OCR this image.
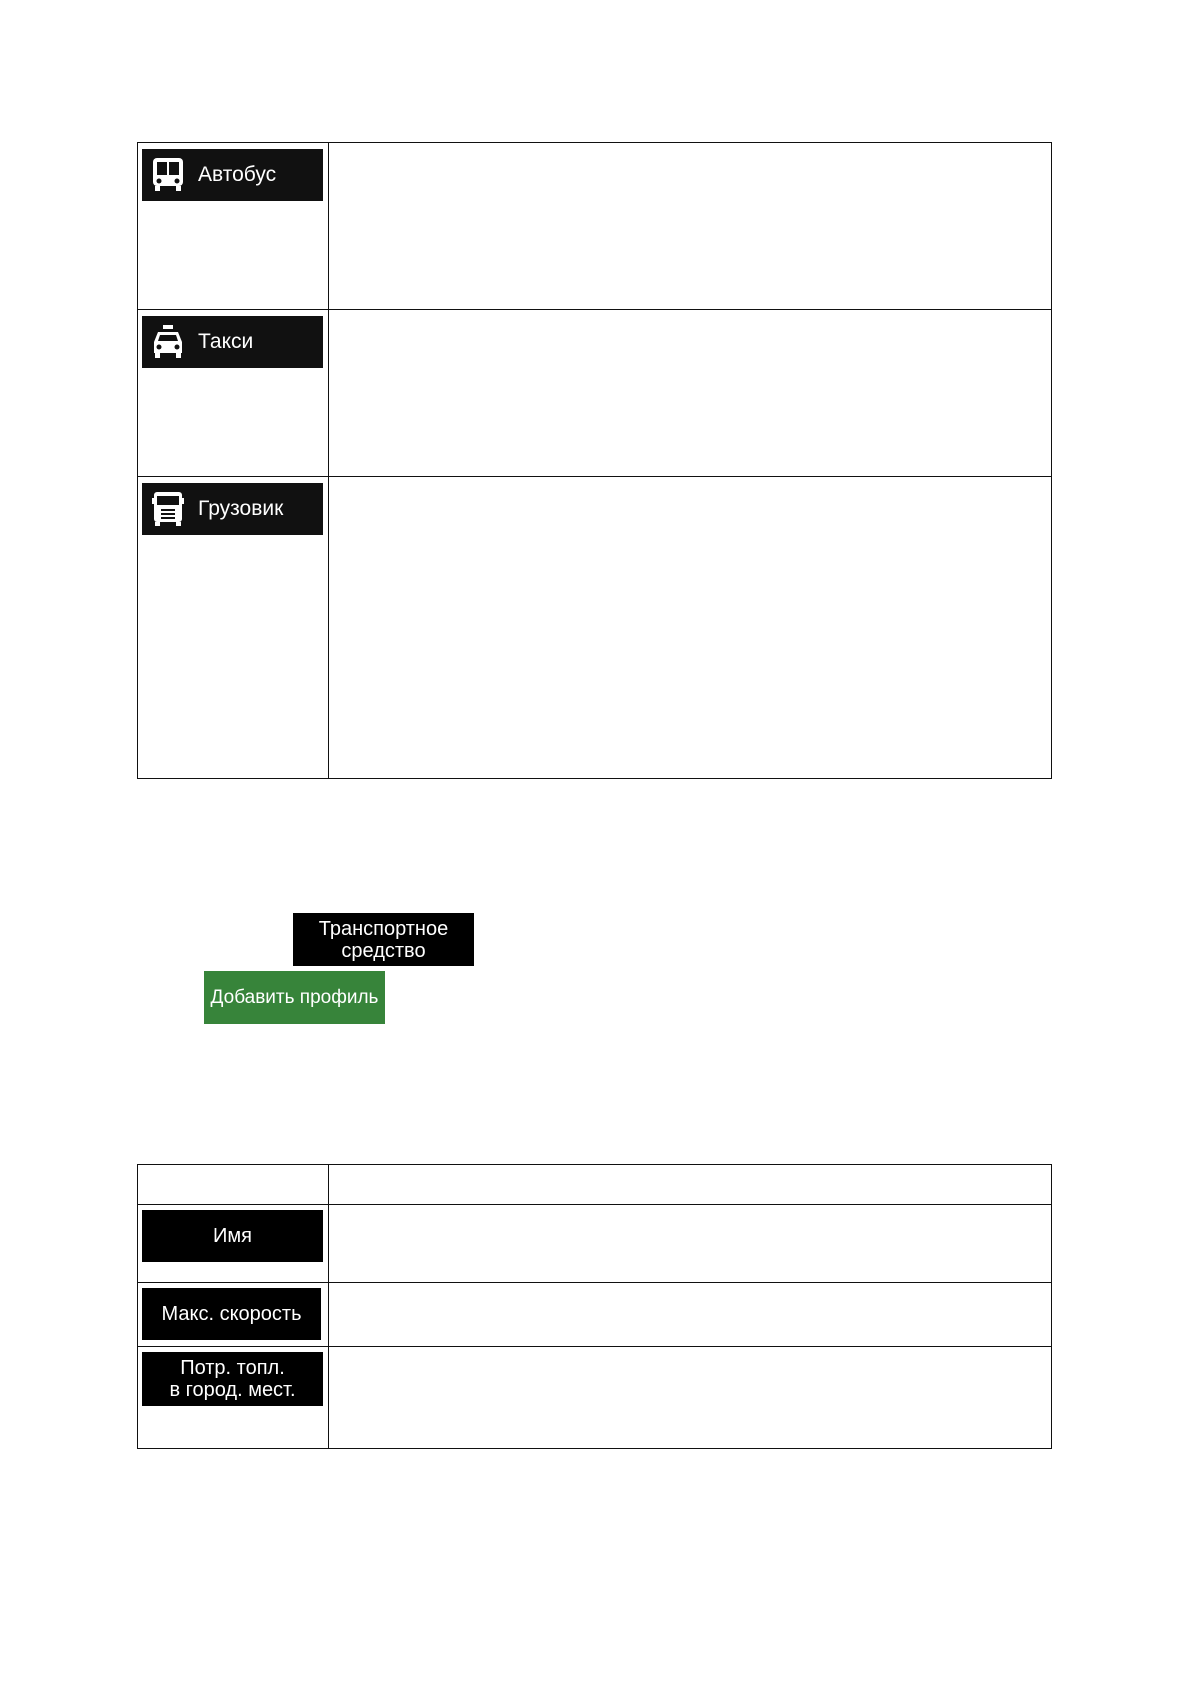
Автобус	

Такси	

Грузовик	

Транспортное
средство
Добавить профиль

Имя	

Макс. скорость	

Потр. топл.
в город. мест.	
